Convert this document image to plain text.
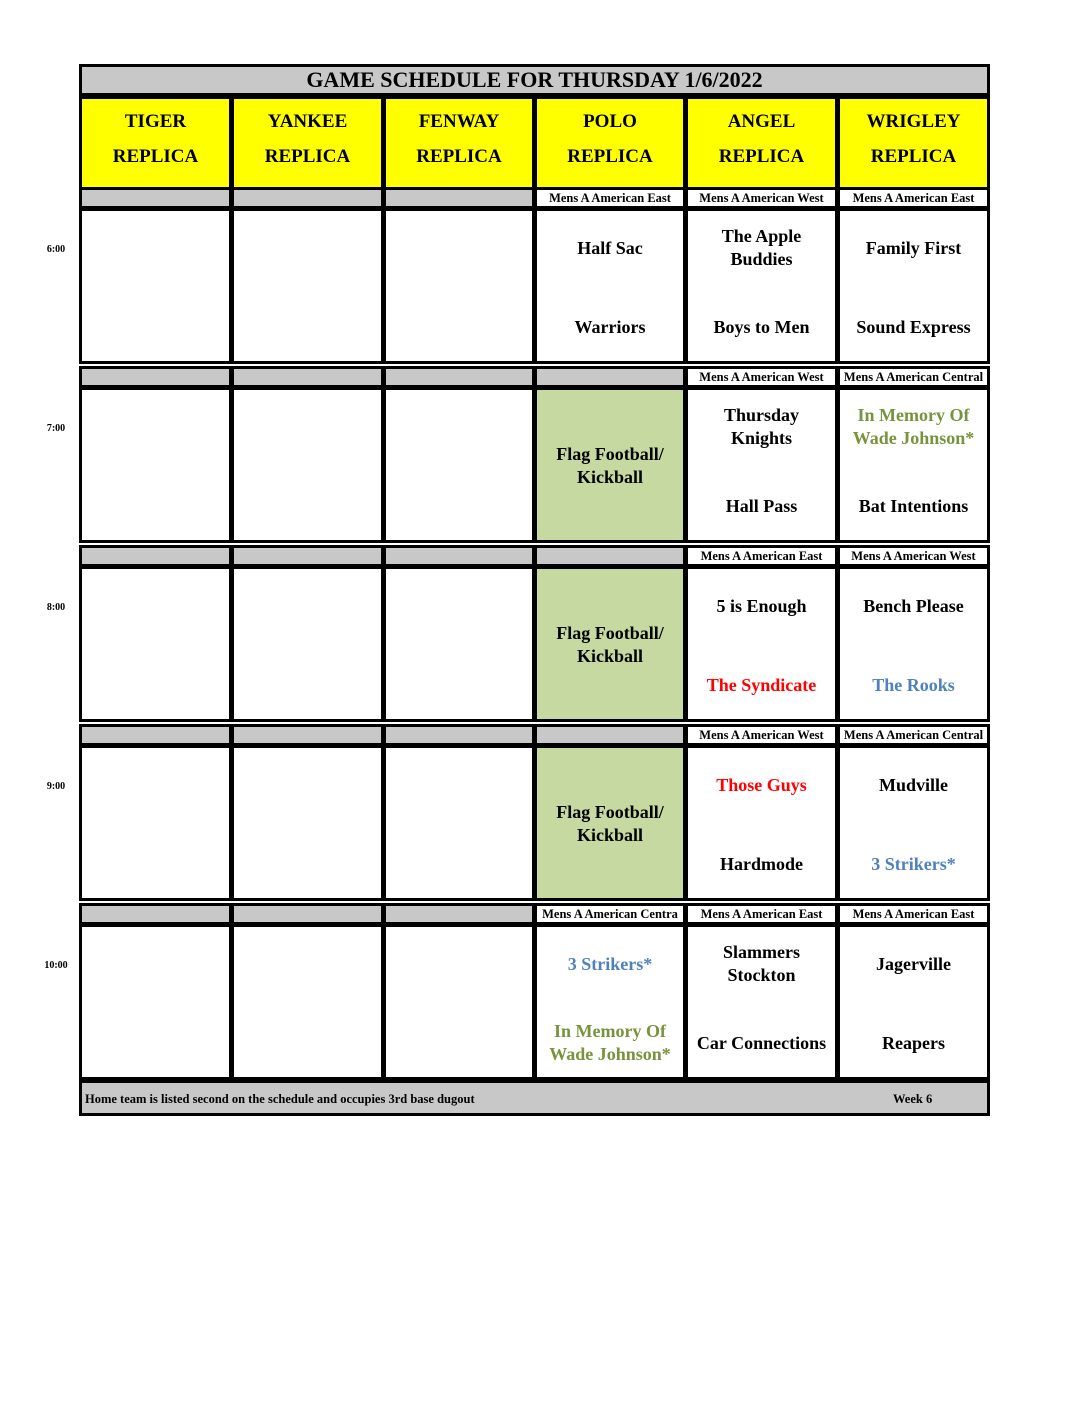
GAME SCHEDULE FOR THURSDAY 1/6/2022
TIGER
REPLICA
YANKEE
REPLICA
FENWAY
REPLICA
POLO
REPLICA
ANGEL
REPLICA
WRIGLEY
REPLICA
Mens A American East
Half Sac
Warriors
Mens A American West
The Apple Buddies
Boys to Men
Mens A American East
Family First
Sound Express
Flag Football/ Kickball
Mens A American West
Thursday Knights
Hall Pass
Mens A American Central
In Memory Of Wade Johnson*
Bat Intentions
Flag Football/ Kickball
Mens A American East
5 is Enough
The Syndicate
Mens A American West
Bench Please
The Rooks
Flag Football/ Kickball
Mens A American West
Those Guys
Hardmode
Mens A American Central
Mudville
3 Strikers*
Mens A American Centra
3 Strikers*
In Memory Of Wade Johnson*
Mens A American East
Slammers Stockton
Car Connections
Mens A American East
Jagerville
Reapers
Home team is listed second on the schedule and occupies 3rd base dugout	Week 6
6:00
7:00
8:00
9:00
10:00
